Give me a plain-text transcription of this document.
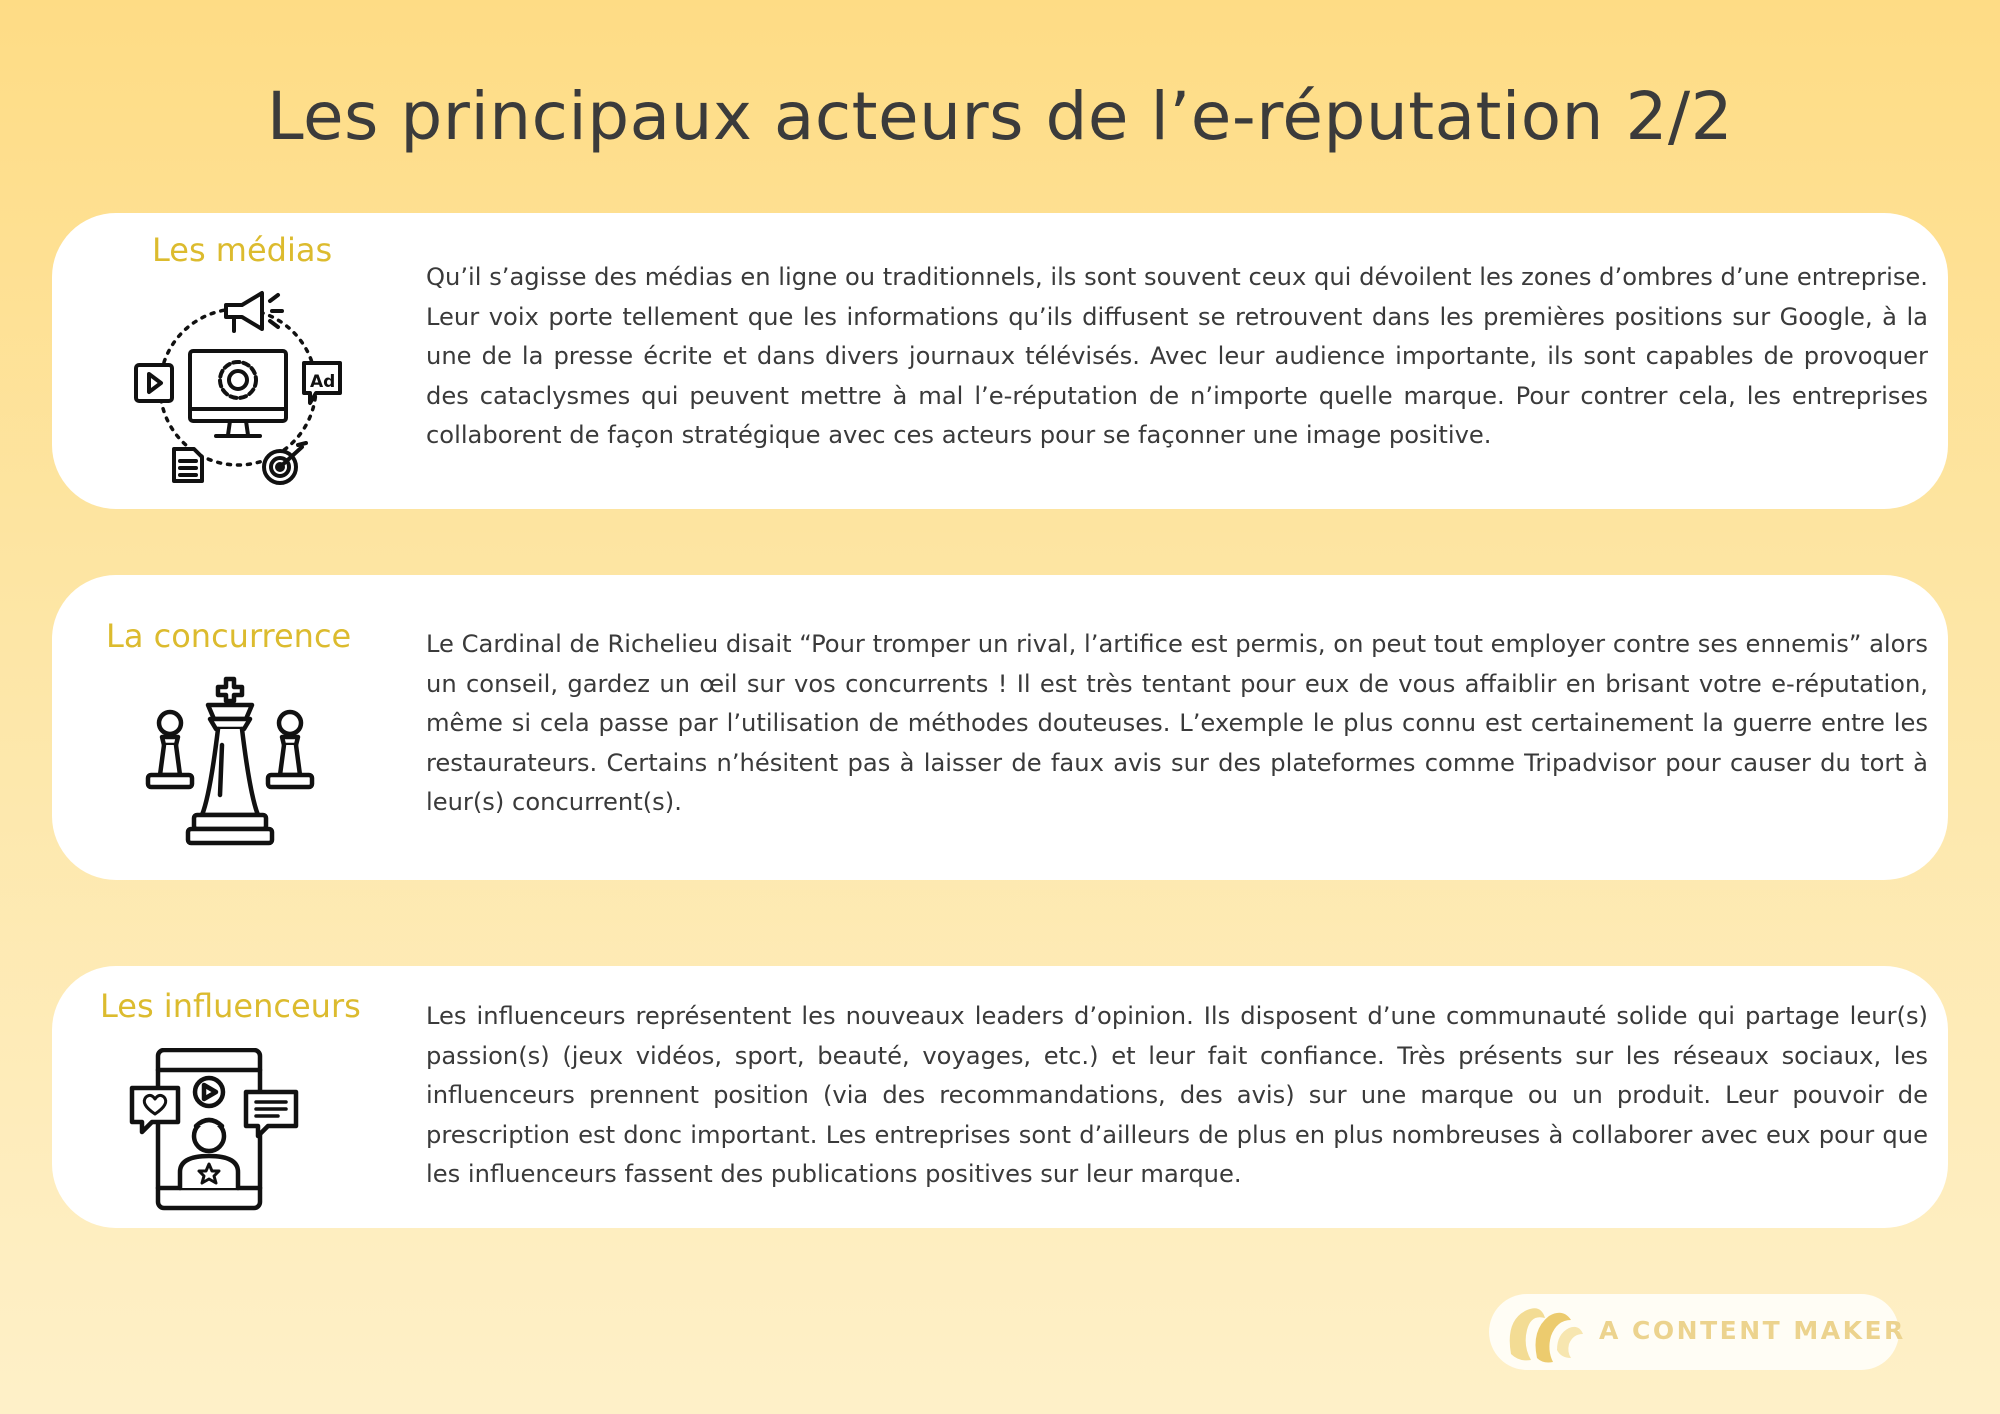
Les principaux acteurs de l’e-réputation 2/2
Les médias
Qu’il s’agisse des médias en ligne ou traditionnels, ils sont souvent ceux qui dévoilent les zones d’ombres d’une entreprise. Leur voix porte tellement que les informations qu’ils diffusent se retrouvent dans les premières positions sur Google, à la une de la presse écrite et dans divers journaux télévisés. Avec leur audience importante, ils sont capables de provoquer des cataclysmes qui peuvent mettre à mal l’e-réputation de n’importe quelle marque. Pour contrer cela, les entreprises collaborent de façon stratégique avec ces acteurs pour se façonner une image positive.
Ad
La concurrence	Le Cardinal de Richelieu disait “Pour tromper un rival, l’artifice est permis, on peut tout employer contre ses ennemis” alors un conseil, gardez un œil sur vos concurrents ! Il est très tentant pour eux de vous affaiblir en brisant votre e-réputation, même si cela passe par l’utilisation de méthodes douteuses. L’exemple le plus connu est certainement la guerre entre les restaurateurs. Certains n’hésitent pas à laisser de faux avis sur des plateformes comme Tripadvisor pour causer du tort à leur(s) concurrent(s).
Les influenceurs	Les influenceurs représentent les nouveaux leaders d’opinion. Ils disposent d’une communauté solide qui partage leur(s) passion(s) (jeux vidéos, sport, beauté, voyages, etc.) et leur fait confiance. Très présents sur les réseaux sociaux, les influenceurs prennent position (via des recommandations, des avis) sur une marque ou un produit. Leur pouvoir de prescription est donc important. Les entreprises sont d’ailleurs de plus en plus nombreuses à collaborer avec eux pour que les influenceurs fassent des publications positives sur leur marque.
A CONTENT MAKER
